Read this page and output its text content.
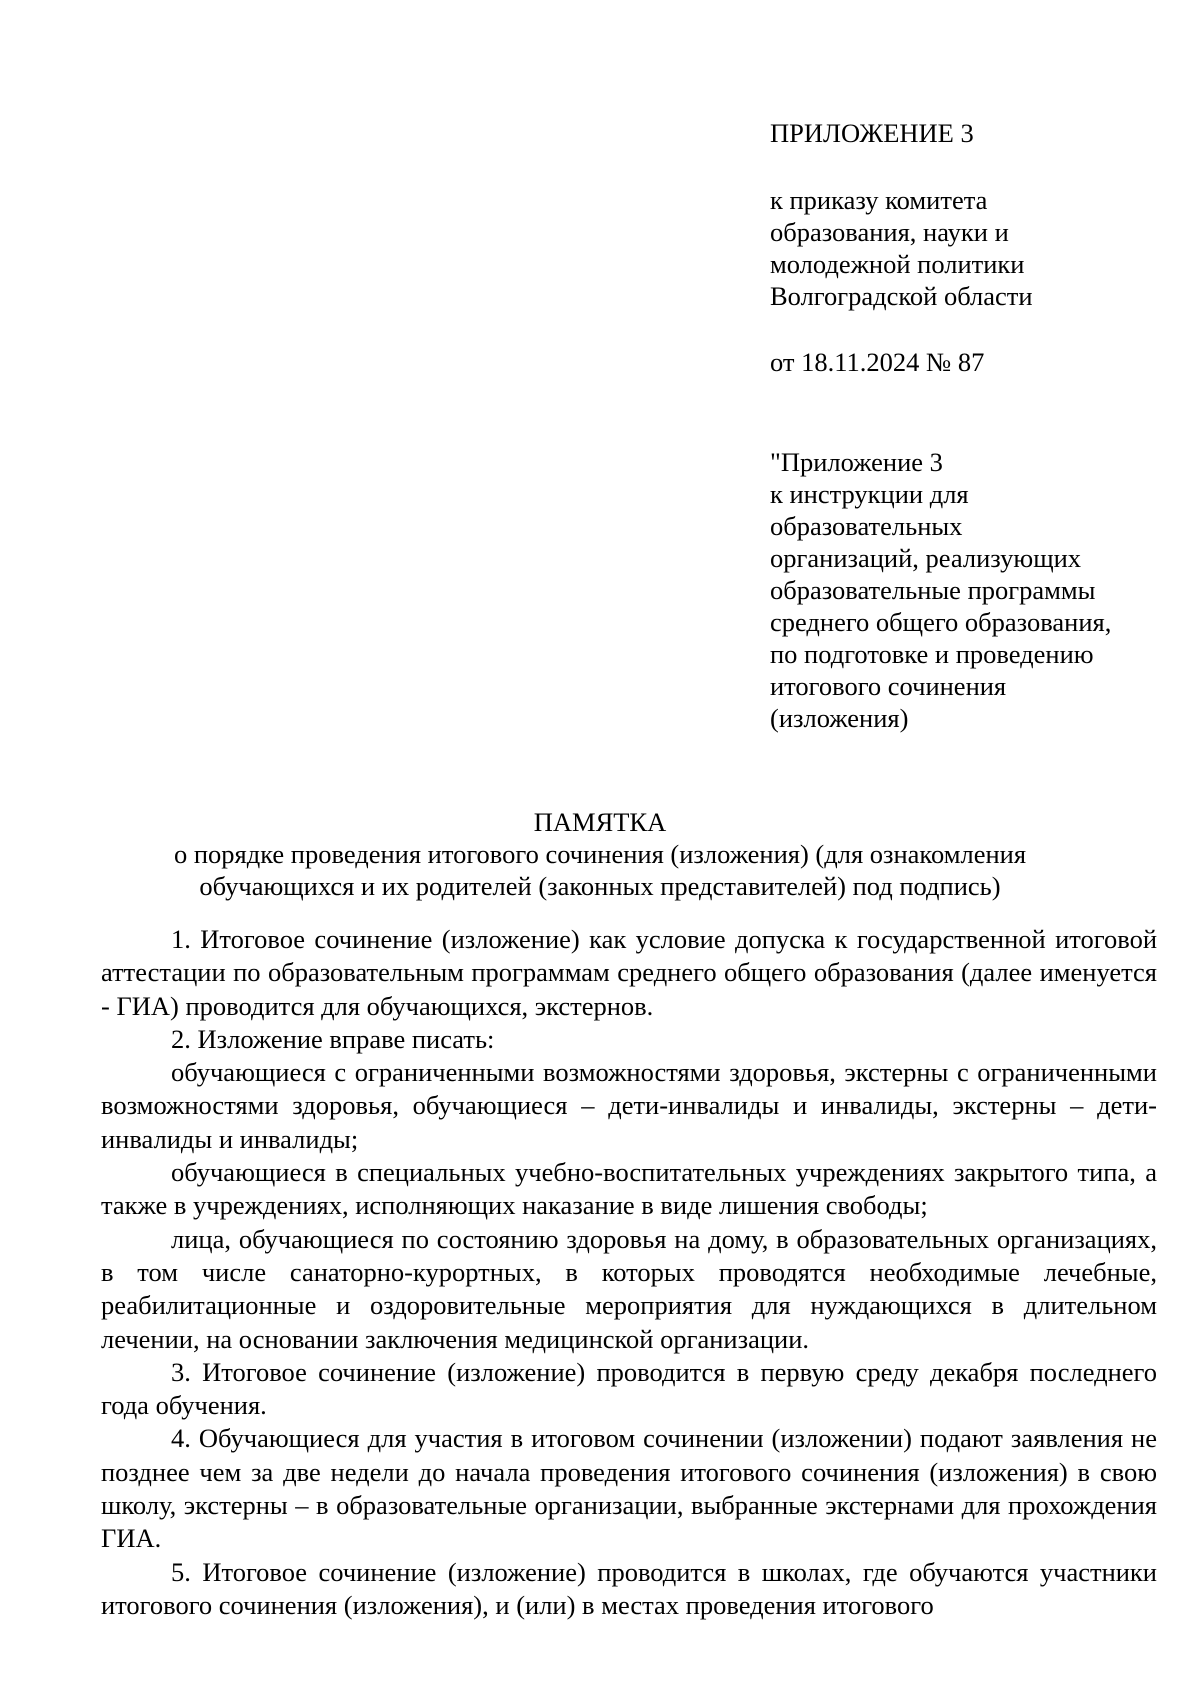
ПРИЛОЖЕНИЕ 3
к приказу комитета
образования, науки и
молодежной политики
Волгоградской области
от 18.11.2024 № 87
"Приложение 3
к инструкции для
образовательных
организаций, реализующих
образовательные программы
среднего общего образования,
по подготовке и проведению
итогового сочинения
(изложения)
ПАМЯТКА
о порядке проведения итогового сочинения (изложения) (для ознакомления
обучающихся и их родителей (законных представителей) под подпись)

1. Итоговое сочинение (изложение) как условие допуска к государственной итоговой аттестации по образовательным программам среднего общего образования (далее именуется - ГИА) проводится для обучающихся, экстернов.

2. Изложение вправе писать:

обучающиеся с ограниченными возможностями здоровья, экстерны с ограниченными возможностями здоровья, обучающиеся – дети-инвалиды и инвалиды, экстерны – дети-инвалиды и инвалиды;

обучающиеся в специальных учебно-воспитательных учреждениях закрытого типа, а также в учреждениях, исполняющих наказание в виде лишения свободы;

лица, обучающиеся по состоянию здоровья на дому, в образовательных организациях, в том числе санаторно-курортных, в которых проводятся необходимые лечебные, реабилитационные и оздоровительные мероприятия для нуждающихся в длительном лечении, на основании заключения медицинской организации.

3. Итоговое сочинение (изложение) проводится в первую среду декабря последнего года обучения.

4. Обучающиеся для участия в итоговом сочинении (изложении) подают заявления не позднее чем за две недели до начала проведения итогового сочинения (изложения) в свою школу, экстерны – в образовательные организации, выбранные экстернами для прохождения ГИА.

5. Итоговое сочинение (изложение) проводится в школах, где обучаются участники итогового сочинения (изложения), и (или) в местах проведения итогового
